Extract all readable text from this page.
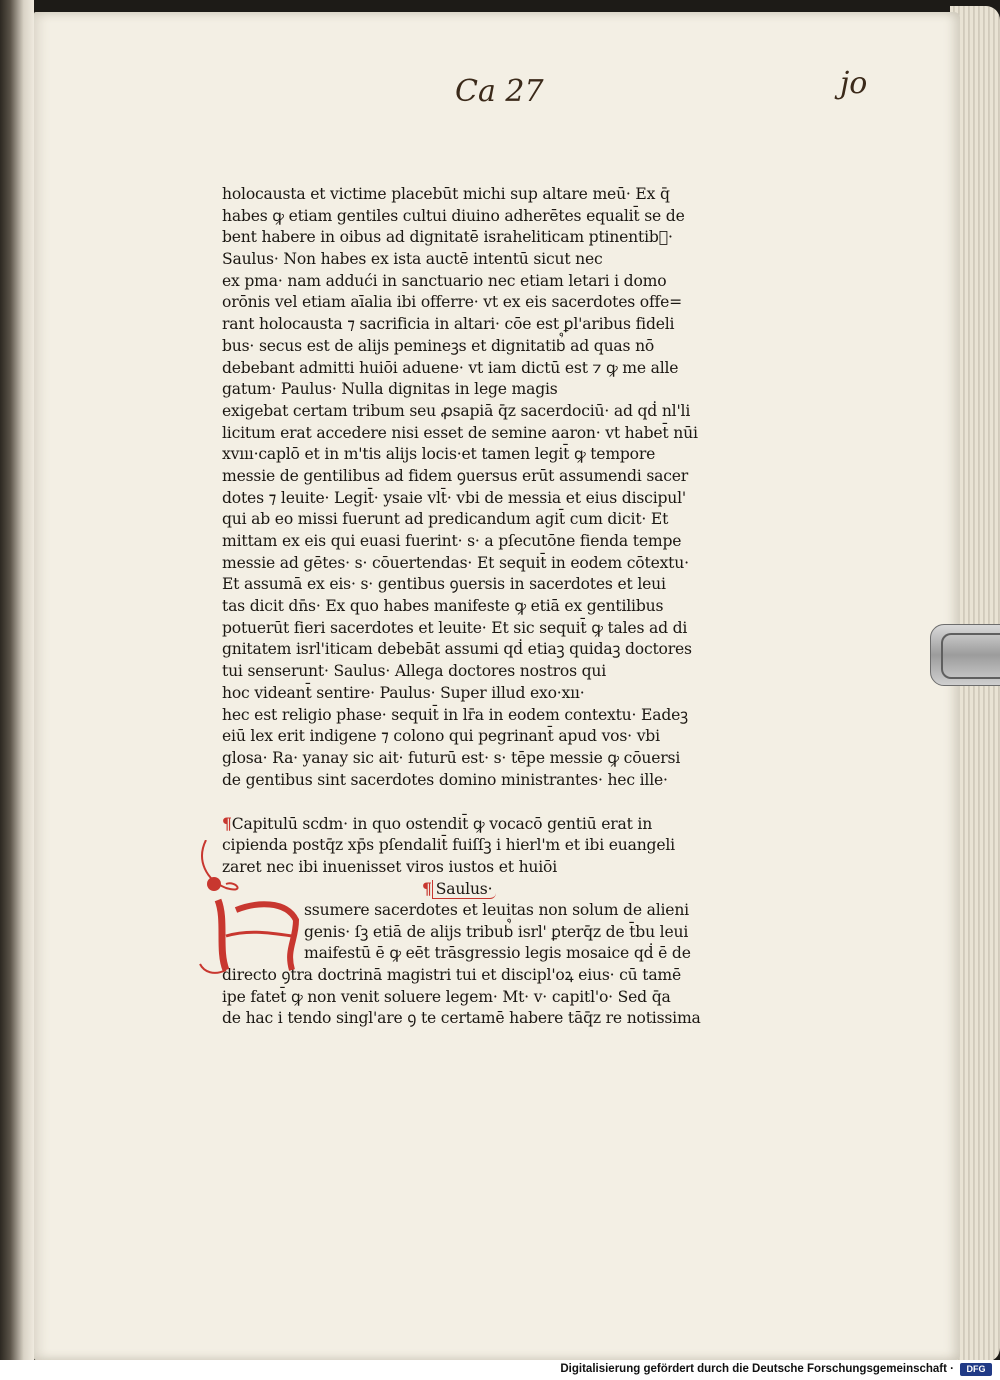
Ca 27	jo
holocausta et victime placebūt michi sup altare meū· Ex q̄
habes ꝙ etiam gentiles cultui diuino adherētes equalit̄ se de
bent habere in oibus ad dignitatē israheliticam ptinentib᷒·
Saulus· Non habes ex ista auctē intentū sicut nec
ex pma· nam addući in sanctuario nec etiam letari i domo
orōnis vel etiam aīalia ibi offerre· vt ex eis sacerdotes offe=
rant holocausta ⁊ sacrificia in altari· cōe est ꝑl'aribus fideli
bus· secus est de alijs pemineꝫs et dignitatib᷒ ad quas nō
debebant admitti huiōi aduene· vt iam dictū est ⁊ ꝙ me alle
gatum· Paulus· Nulla dignitas in lege magis
exigebat certam tribum seu ꝓsapiā q̄z sacerdociū· ad qḋ nl'li
licitum erat accedere nisi esset de semine aaron· vt habet̄ nūi
xvııı·caplō et in m'tis alijs locis·et tamen legit̄ ꝙ tempore
messie de gentilibus ad fidem ꝯuersus erūt assumendi sacer
dotes ⁊ leuite· Legit̄· ysaie vlt̄· vbi de messia et eius discipul'
qui ab eo missi fuerunt ad predicandum agit̄ cum dicit· Et
mittam ex eis qui euasi fuerint· s· a pſecutōne fienda tempe
messie ad gētes· s· cōuertendas· Et sequit̄ in eodem cōtextu·
Et assumā ex eis· s· gentibus ꝯuersis in sacerdotes et leui
tas dicit dn̄s· Ex quo habes manifeste ꝙ etiā ex gentilibus
potuerūt fieri sacerdotes et leuite· Et sic sequit̄ ꝙ tales ad di
gnitatem isrl'iticam debebāt assumi qḋ etiaꝫ quidaꝫ doctores
tui senserunt· Saulus· Allega doctores nostros qui
hoc videant̄ sentire· Paulus· Super illud exo·xıı·
hec est religio phase· sequit̄ in lr̄a in eodem contextu· Eadeꝫ
eiū lex erit indigene ⁊ colono qui pegrinant̄ apud vos· vbi
glosa· Ra· yanay sic ait· futurū est· s· tēpe messie ꝙ cōuersi
de gentibus sint sacerdotes domino ministrantes· hec ille·
¶Capitulū scdm· in quo ostendit̄ ꝙ vocacō gentiū erat in
cipienda postq̄z xp̄s pſendalit̄ fuiſſꝫ i hierl'm et ibi euangeli
zaret nec ibi inuenisset viros iustos et huiōi
¶ Saulus·
ssumere sacerdotes et leuitas non solum de alieni
genis· ſꝫ etiā de alijs tribub᷒ isrl' ꝑterq̄z de t̄bu leui
maifestū ē ꝙ eēt trāsgressio legis mosaice qḋ ē de
directo ꝯtra doctrinā magistri tui et discipl'oꝝ eius· cū tamē
ipe fatet̄ ꝙ non venit soluere legem· Mt· v· capitl'o· Sed q̄a
de hac i tendo singl'are ꝯ te certamē habere tāq̄z re notissima
Digitalisierung gefördert durch die Deutsche Forschungsgemeinschaft ·	DFG
